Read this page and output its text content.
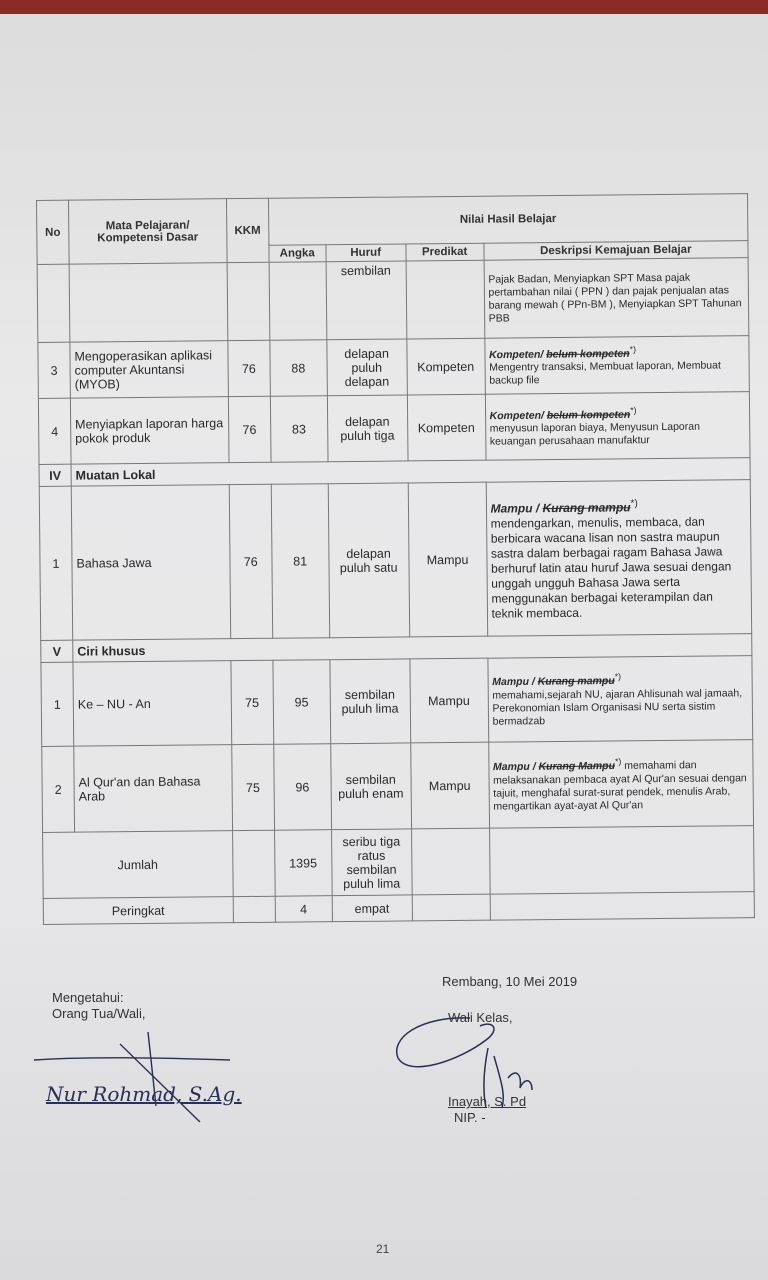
No	Mata Pelajaran/ Kompetensi Dasar	KKM	Nilai Hasil Belajar			
			Angka	Huruf	Predikat	Deskripsi Kemajuan Belajar
				sembilan		Pajak Badan, Menyiapkan SPT Masa pajak pertambahan nilai ( PPN ) dan pajak penjualan atas barang mewah ( PPn-BM ), Menyiapkan SPT Tahunan PBB
3	Mengoperasikan aplikasi computer Akuntansi (MYOB)	76	88	delapan puluh delapan	Kompeten	Kompeten/ belum kompeten*)
Mengentry transaksi, Membuat laporan, Membuat backup file
4	Menyiapkan laporan harga pokok produk	76	83	delapan puluh tiga	Kompeten	Kompeten/ belum kompeten*)
menyusun laporan biaya, Menyusun Laporan keuangan perusahaan manufaktur
IV	Muatan Lokal					
1	Bahasa Jawa	76	81	delapan puluh satu	Mampu	Mampu / Kurang mampu*)
mendengarkan, menulis, membaca, dan berbicara wacana lisan non sastra maupun sastra dalam berbagai ragam Bahasa Jawa berhuruf latin atau huruf Jawa sesuai dengan unggah ungguh Bahasa Jawa serta menggunakan berbagai keterampilan dan teknik membaca.
V	Ciri khusus					
1	Ke – NU - An	75	95	sembilan puluh lima	Mampu	Mampu / Kurang mampu*)
memahami,sejarah NU, ajaran Ahlisunah wal jamaah, Perekonomian Islam Organisasi NU serta sistim bermadzab
2	Al Qur'an dan Bahasa Arab	75	96	sembilan puluh enam	Mampu	Mampu / Kurang Mampu*) memahami dan melaksanakan pembaca ayat Al Qur'an sesuai dengan tajuit, menghafal surat-surat pendek, menulis Arab, mengartikan ayat-ayat Al Qur'an
Jumlah			1395	seribu tiga ratus sembilan puluh lima		
Peringkat			4	empat		
Rembang, 10 Mei 2019
Mengetahui:
Orang Tua/Wali,	Wali Kelas,
Nur Rohmad, S.Ag.	Inayah, S. Pd
NIP. -
21
